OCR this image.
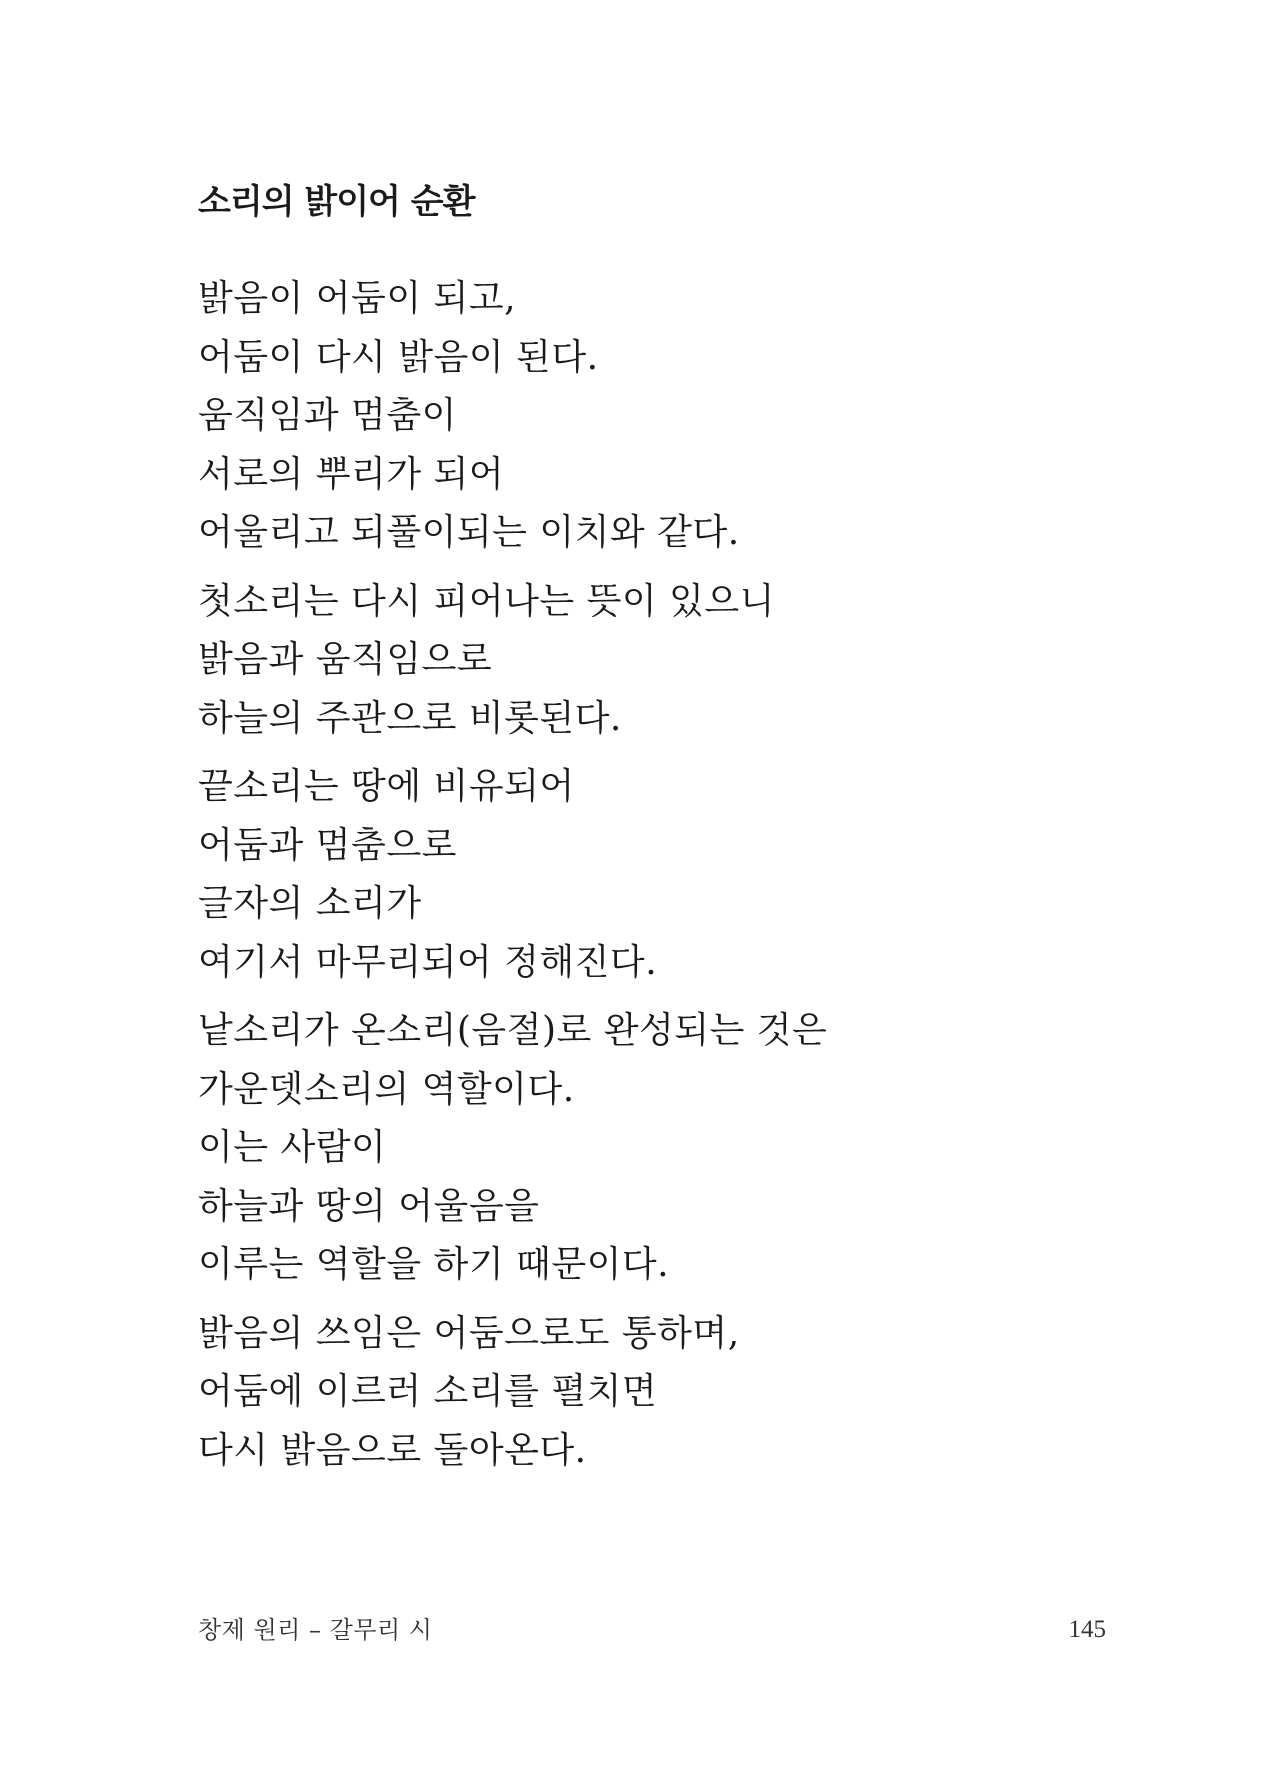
소리의 밝이어 순환
밝음이 어둠이 되고,
어둠이 다시 밝음이 된다.
움직임과 멈춤이
서로의 뿌리가 되어
어울리고 되풀이되는 이치와 같다.
첫소리는 다시 피어나는 뜻이 있으니
밝음과 움직임으로
하늘의 주관으로 비롯된다.
끝소리는 땅에 비유되어
어둠과 멈춤으로
글자의 소리가
여기서 마무리되어 정해진다.
낱소리가 온소리(음절)로 완성되는 것은
가운뎃소리의 역할이다.
이는 사람이
하늘과 땅의 어울음을
이루는 역할을 하기 때문이다.
밝음의 쓰임은 어둠으로도 통하며,
어둠에 이르러 소리를 펼치면
다시 밝음으로 돌아온다.
창제 원리 – 갈무리 시	145
